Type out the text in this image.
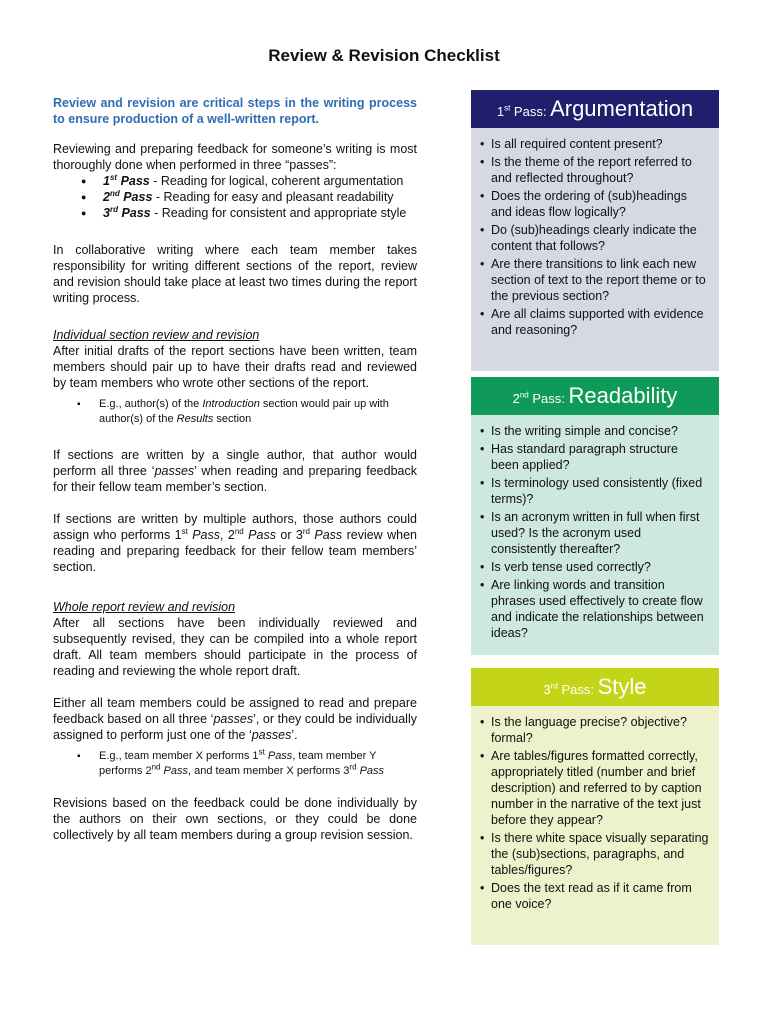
Review & Revision Checklist

Review and revision are critical steps in the writing process to ensure production of a well-written report.

Reviewing and preparing feedback for someone’s writing is most thoroughly done when performed in three “passes”:

● 1st Pass - Reading for logical, coherent argumentation
● 2nd Pass - Reading for easy and pleasant readability
● 3rd Pass - Reading for consistent and appropriate style

In collaborative writing where each team member takes responsibility for writing different sections of the report, review and revision should take place at least two times during the report writing process.

Individual section review and revision

After initial drafts of the report sections have been written, team members should pair up to have their drafts read and reviewed by team members who wrote other sections of the report.

▪ E.g., author(s) of the Introduction section would pair up with author(s) of the Results section

If sections are written by a single author, that author would perform all three ‘passes’ when reading and preparing feedback for their fellow team member’s section.

If sections are written by multiple authors, those authors could assign who performs 1st Pass, 2nd Pass or 3rd Pass review when reading and preparing feedback for their fellow team members’ section.

Whole report review and revision

After all sections have been individually reviewed and subsequently revised, they can be compiled into a whole report draft. All team members should participate in the process of reading and reviewing the whole report draft.

Either all team members could be assigned to read and prepare feedback based on all three ‘passes’, or they could be individually assigned to perform just one of the ‘passes’.

▪ E.g., team member X performs 1st Pass, team member Y performs 2nd Pass, and team member X performs 3rd Pass

Revisions based on the feedback could be done individually by the authors on their own sections, or they could be done collectively by all team members during a group revision session.

1st Pass: Argumentation
• Is all required content present?
• Is the theme of the report referred to and reflected throughout?
• Does the ordering of (sub)headings and ideas flow logically?
• Do (sub)headings clearly indicate the content that follows?
• Are there transitions to link each new section of text to the report theme or to the previous section?
• Are all claims supported with evidence and reasoning?
2nd Pass: Readability
• Is the writing simple and concise?
• Has standard paragraph structure been applied?
• Is terminology used consistently (fixed terms)?
• Is an acronym written in full when first used? Is the acronym used consistently thereafter?
• Is verb tense used correctly?
• Are linking words and transition phrases used effectively to create flow and indicate the relationships between ideas?
3rd Pass: Style
• Is the language precise? objective? formal?
• Are tables/figures formatted correctly, appropriately titled (number and brief description) and referred to by caption number in the narrative of the text just before they appear?
• Is there white space visually separating the (sub)sections, paragraphs, and tables/figures?
• Does the text read as if it came from one voice?
